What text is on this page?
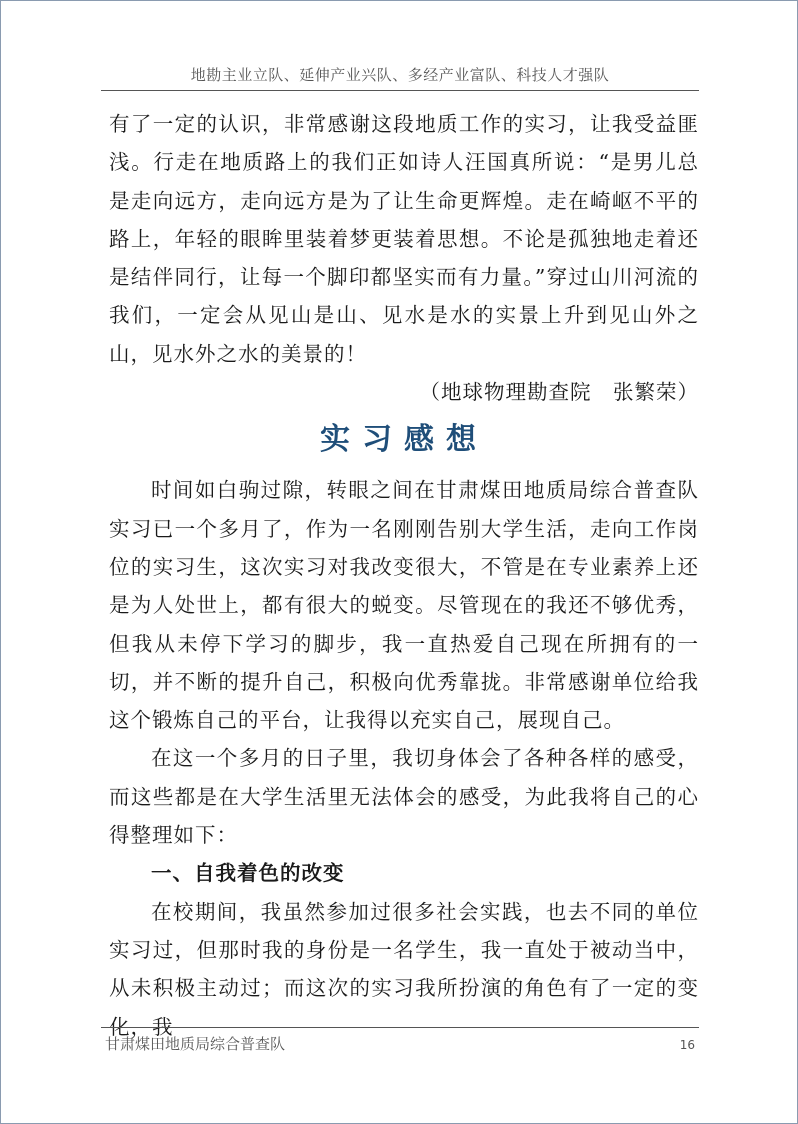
地勘主业立队、延伸产业兴队、多经产业富队、科技人才强队

有了一定的认识，非常感谢这段地质工作的实习，让我受益匪浅。行走在地质路上的我们正如诗人汪国真所说：“是男儿总是走向远方，走向远方是为了让生命更辉煌。走在崎岖不平的路上，年轻的眼眸里装着梦更装着思想。不论是孤独地走着还是结伴同行，让每一个脚印都坚实而有力量。”穿过山川河流的我们，一定会从见山是山、见水是水的实景上升到见山外之山，见水外之水的美景的！

（地球物理勘查院　张繁荣）

实习感想

时间如白驹过隙，转眼之间在甘肃煤田地质局综合普查队实习已一个多月了，作为一名刚刚告别大学生活，走向工作岗位的实习生，这次实习对我改变很大，不管是在专业素养上还是为人处世上，都有很大的蜕变。尽管现在的我还不够优秀，但我从未停下学习的脚步，我一直热爱自己现在所拥有的一切，并不断的提升自己，积极向优秀靠拢。非常感谢单位给我这个锻炼自己的平台，让我得以充实自己，展现自己。

在这一个多月的日子里，我切身体会了各种各样的感受，而这些都是在大学生活里无法体会的感受，为此我将自己的心得整理如下：

一、自我着色的改变

在校期间，我虽然参加过很多社会实践，也去不同的单位实习过，但那时我的身份是一名学生，我一直处于被动当中，从未积极主动过；而这次的实习我所扮演的角色有了一定的变化，我

甘肃煤田地质局综合普查队	16
